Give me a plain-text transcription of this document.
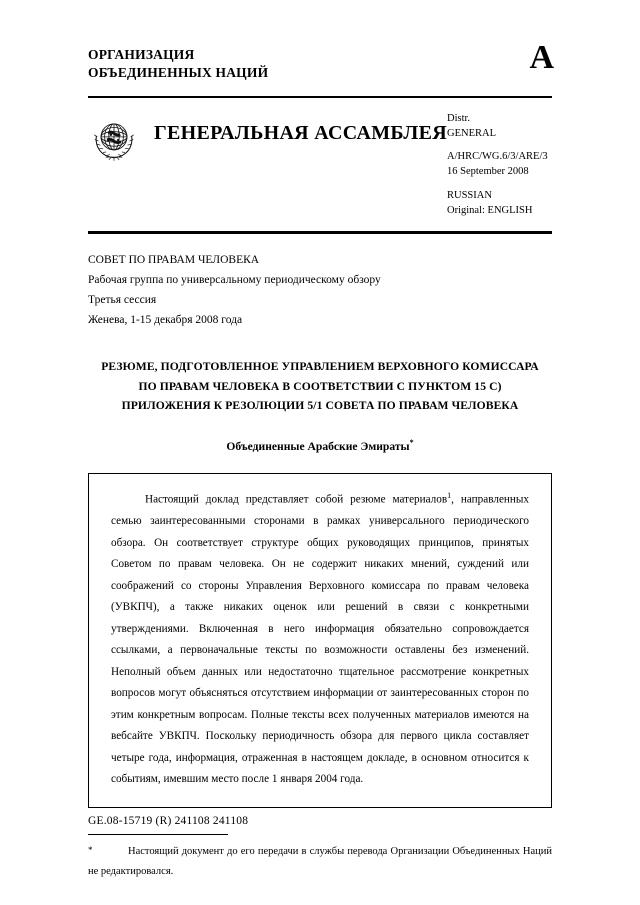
ОРГАНИЗАЦИЯ
ОБЪЕДИНЕННЫХ НАЦИЙ	A
ГЕНЕРАЛЬНАЯ АССАМБЛЕЯ
Distr.
GENERAL
A/HRC/WG.6/3/ARE/3
16 September 2008
RUSSIAN
Original: ENGLISH
СОВЕТ ПО ПРАВАМ ЧЕЛОВЕКА
Рабочая группа по универсальному периодическому обзору
Третья сессия
Женева, 1-15 декабря 2008 года
РЕЗЮМЕ, ПОДГОТОВЛЕННОЕ УПРАВЛЕНИЕМ ВЕРХОВНОГО КОМИССАРА
ПО ПРАВАМ ЧЕЛОВЕКА В СООТВЕТСТВИИ С ПУНКТОМ 15 С)
ПРИЛОЖЕНИЯ К РЕЗОЛЮЦИИ 5/1 СОВЕТА ПО ПРАВАМ ЧЕЛОВЕКА
Объединенные Арабские Эмираты*

Настоящий доклад представляет собой резюме материалов$^1$, направленных семью заинтересованными сторонами в рамках универсального периодического обзора. Он соответствует структуре общих руководящих принципов, принятых Советом по правам человека. Он не содержит никаких мнений, суждений или соображений со стороны Управления Верховного комиссара по правам человека (УВКПЧ), а также никаких оценок или решений в связи с конкретными утверждениями. Включенная в него информация обязательно сопровождается ссылками, а первоначальные тексты по возможности оставлены без изменений. Неполный объем данных или недостаточно тщательное рассмотрение конкретных вопросов могут объясняться отсутствием информации от заинтересованных сторон по этим конкретным вопросам. Полные тексты всех полученных материалов имеются на вебсайте УВКПЧ. Поскольку периодичность обзора для первого цикла составляет четыре года, информация, отраженная в настоящем докладе, в основном относится к событиям, имевшим место после 1 января 2004 года.

*	Настоящий документ до его передачи в службы перевода Организации Объединенных Наций не редактировался.
GE.08-15719 (R) 241108 241108
